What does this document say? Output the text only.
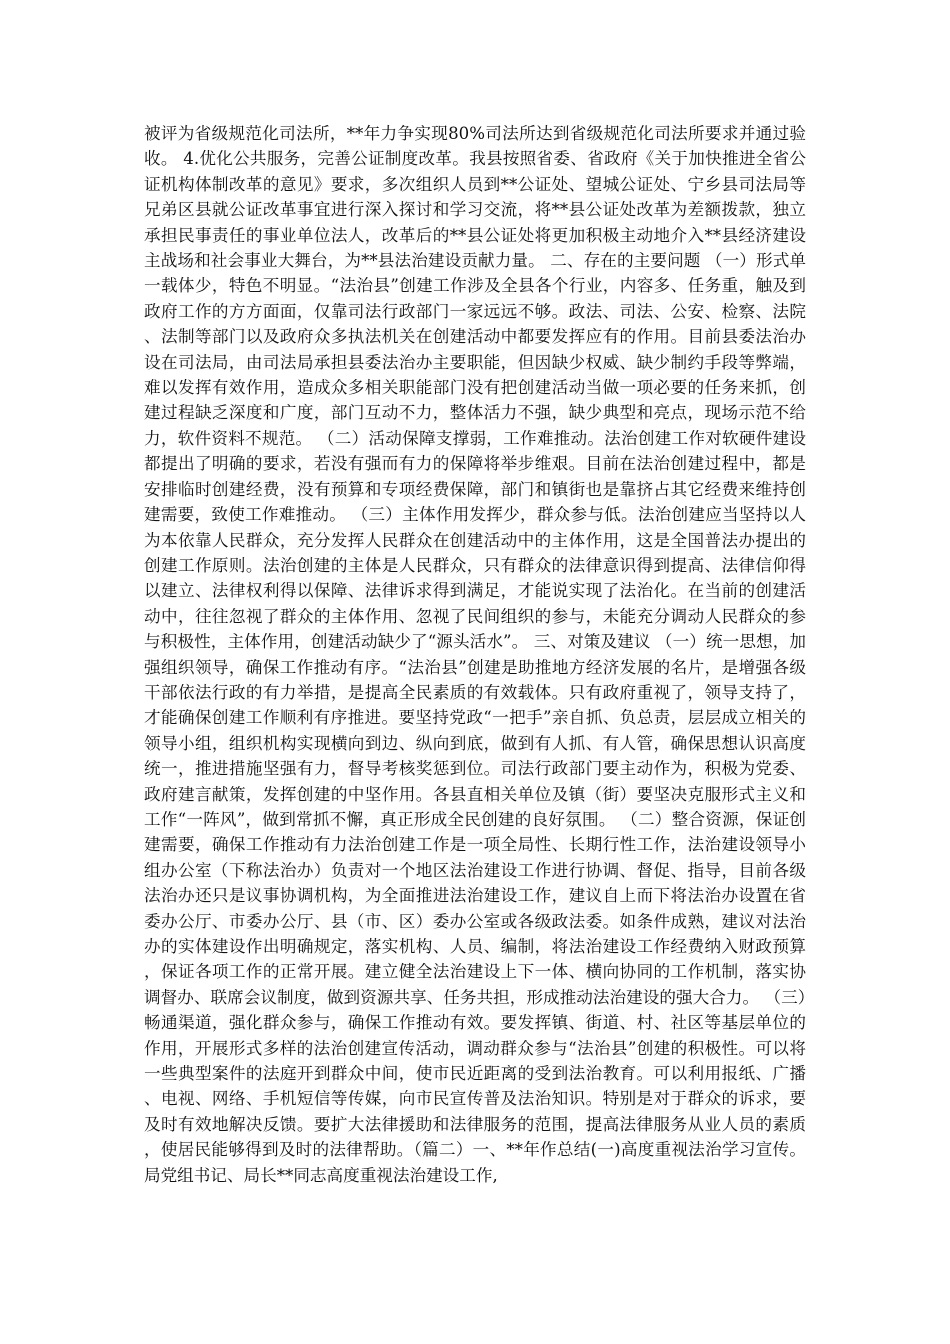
被评为省级规范化司法所，**年力争实现80%司法所达到省级规范化司法所要求并通过验收。 4.优化公共服务，完善公证制度改革。我县按照省委、省政府《关于加快推进全省公证机构体制改革的意见》要求，多次组织人员到**公证处、望城公证处、宁乡县司法局等兄弟区县就公证改革事宜进行深入探讨和学习交流，将**县公证处改革为差额拨款，独立承担民事责任的事业单位法人，改革后的**县公证处将更加积极主动地介入**县经济建设主战场和社会事业大舞台，为**县法治建设贡献力量。 二、存在的主要问题 （一）形式单一载体少，特色不明显。“法治县”创建工作涉及全县各个行业，内容多、任务重，触及到政府工作的方方面面，仅靠司法行政部门一家远远不够。政法、司法、公安、检察、法院、法制等部门以及政府众多执法机关在创建活动中都要发挥应有的作用。目前县委法治办设在司法局，由司法局承担县委法治办主要职能，但因缺少权威、缺少制约手段等弊端，难以发挥有效作用，造成众多相关职能部门没有把创建活动当做一项必要的任务来抓，创建过程缺乏深度和广度，部门互动不力，整体活力不强，缺少典型和亮点，现场示范不给力，软件资料不规范。 （二）活动保障支撑弱，工作难推动。法治创建工作对软硬件建设都提出了明确的要求，若没有强而有力的保障将举步维艰。目前在法治创建过程中，都是安排临时创建经费，没有预算和专项经费保障，部门和镇街也是靠挤占其它经费来维持创建需要，致使工作难推动。 （三）主体作用发挥少，群众参与低。法治创建应当坚持以人为本依靠人民群众，充分发挥人民群众在创建活动中的主体作用，这是全国普法办提出的创建工作原则。法治创建的主体是人民群众，只有群众的法律意识得到提高、法律信仰得以建立、法律权利得以保障、法律诉求得到满足，才能说实现了法治化。在当前的创建活动中，往往忽视了群众的主体作用、忽视了民间组织的参与，未能充分调动人民群众的参与积极性，主体作用，创建活动缺少了“源头活水”。 三、对策及建议 （一）统一思想，加强组织领导，确保工作推动有序。“法治县”创建是助推地方经济发展的名片，是增强各级干部依法行政的有力举措，是提高全民素质的有效载体。只有政府重视了，领导支持了，才能确保创建工作顺利有序推进。要坚持党政“一把手”亲自抓、负总责，层层成立相关的领导小组，组织机构实现横向到边、纵向到底，做到有人抓、有人管，确保思想认识高度统一，推进措施坚强有力，督导考核奖惩到位。司法行政部门要主动作为，积极为党委、政府建言献策，发挥创建的中坚作用。各县直相关单位及镇（街）要坚决克服形式主义和工作“一阵风”，做到常抓不懈，真正形成全民创建的良好氛围。 （二）整合资源，保证创建需要，确保工作推动有力法治创建工作是一项全局性、长期行性工作，法治建设领导小组办公室（下称法治办）负责对一个地区法治建设工作进行协调、督促、指导，目前各级法治办还只是议事协调机构，为全面推进法治建设工作，建议自上而下将法治办设置在省委办公厅、市委办公厅、县（市、区）委办公室或各级政法委。如条件成熟，建议对法治办的实体建设作出明确规定，落实机构、人员、编制，将法治建设工作经费纳入财政预算，保证各项工作的正常开展。建立健全法治建设上下一体、横向协同的工作机制，落实协调督办、联席会议制度，做到资源共享、任务共担，形成推动法治建设的强大合力。 （三）畅通渠道，强化群众参与，确保工作推动有效。要发挥镇、街道、村、社区等基层单位的作用，开展形式多样的法治创建宣传活动，调动群众参与“法治县”创建的积极性。可以将一些典型案件的法庭开到群众中间，使市民近距离的受到法治教育。可以利用报纸、广播、电视、网络、手机短信等传媒，向市民宣传普及法治知识。特别是对于群众的诉求，要及时有效地解决反馈。要扩大法律援助和法律服务的范围，提高法律服务从业人员的素质，使居民能够得到及时的法律帮助。（篇二）一、**年作总结(一)高度重视法治学习宣传。局党组书记、局长**同志高度重视法治建设工作,
